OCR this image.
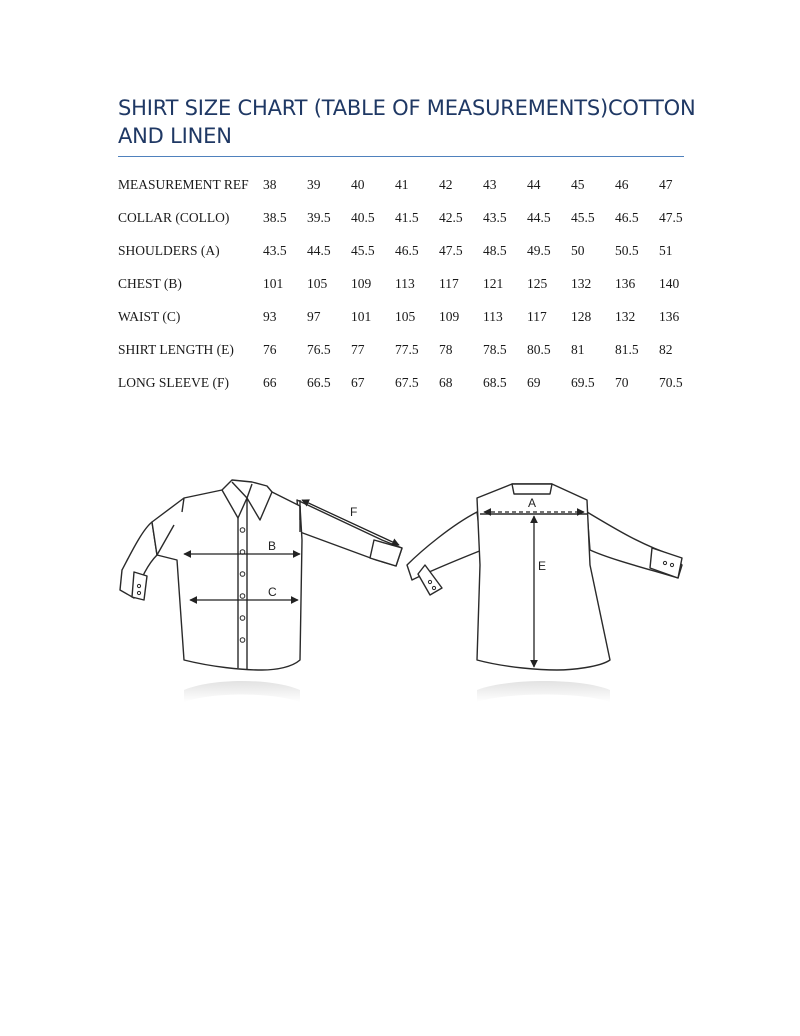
SHIRT SIZE CHART (TABLE OF MEASUREMENTS)COTTON AND LINEN
MEASUREMENT REF	38	39	40	41	42	43	44	45	46	47
COLLAR (COLLO)	38.5	39.5	40.5	41.5	42.5	43.5	44.5	45.5	46.5	47.5
SHOULDERS (A)	43.5	44.5	45.5	46.5	47.5	48.5	49.5	50	50.5	51
CHEST (B)	101	105	109	113	117	121	125	132	136	140
WAIST (C)	93	97	101	105	109	113	117	128	132	136
SHIRT LENGTH (E)	76	76.5	77	77.5	78	78.5	80.5	81	81.5	82
LONG SLEEVE (F)	66	66.5	67	67.5	68	68.5	69	69.5	70	70.5
B
C
F
A
E
